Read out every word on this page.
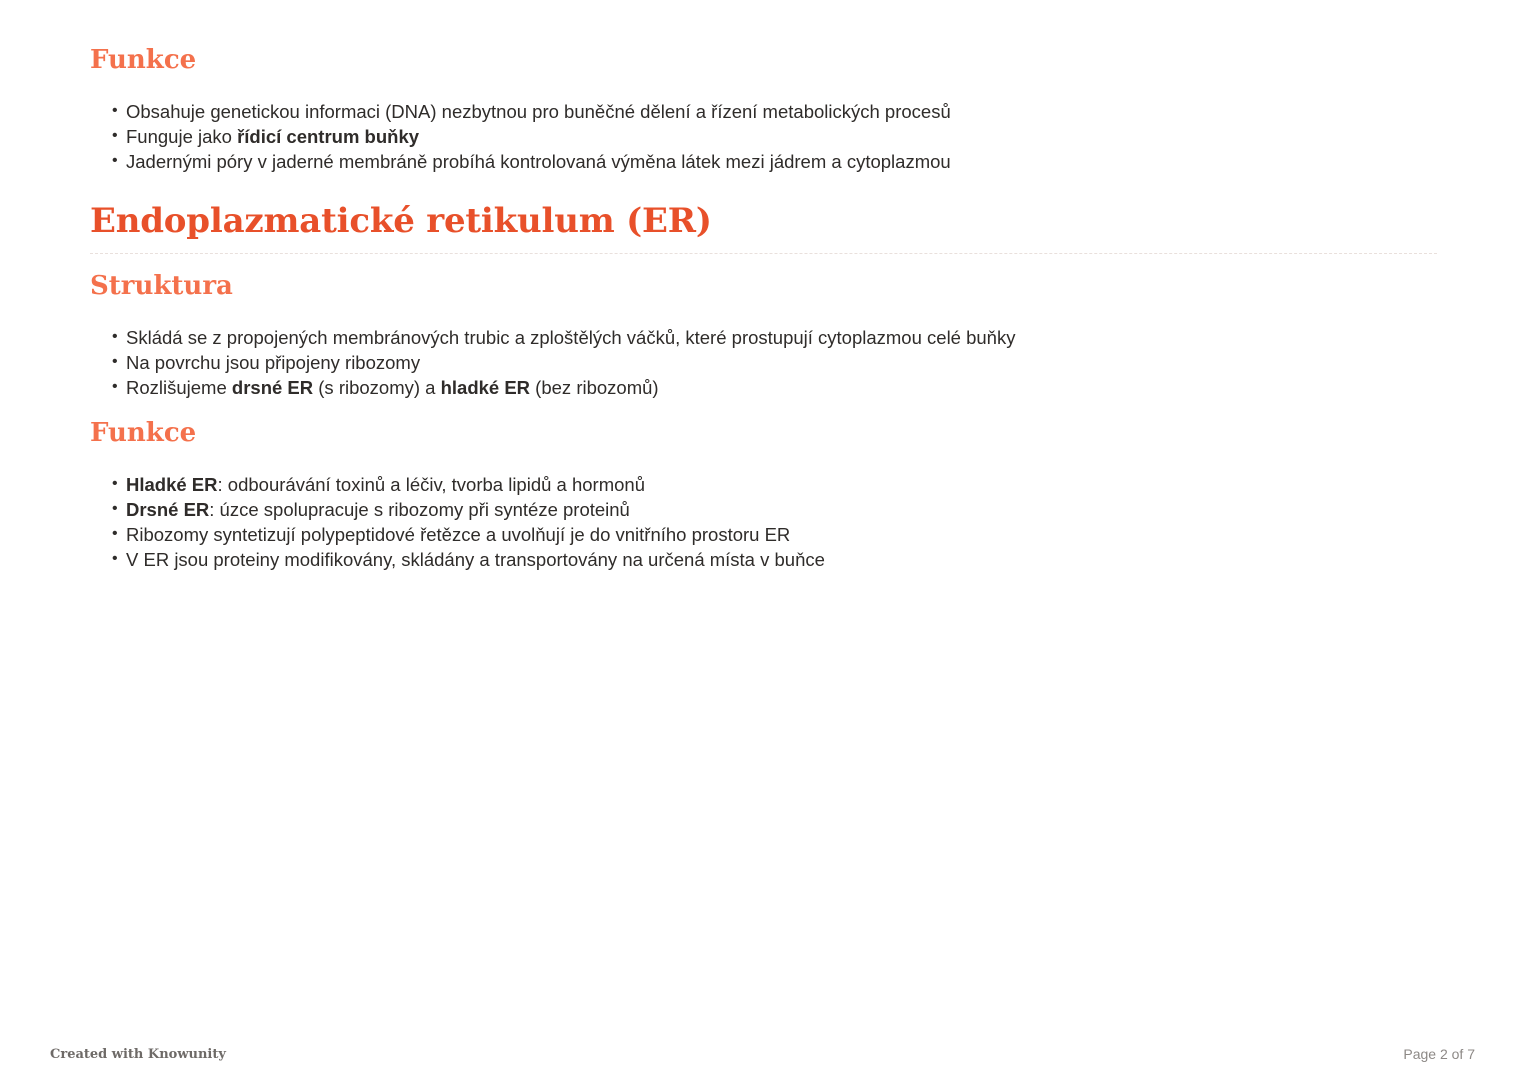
Funkce
• Obsahuje genetickou informaci (DNA) nezbytnou pro buněčné dělení a řízení metabolických procesů
• Funguje jako řídicí centrum buňky
• Jadernými póry v jaderné membráně probíhá kontrolovaná výměna látek mezi jádrem a cytoplazmou
Endoplazmatické retikulum (ER)
Struktura
• Skládá se z propojených membránových trubic a zploštělých váčků, které prostupují cytoplazmou celé buňky
• Na povrchu jsou připojeny ribozomy
• Rozlišujeme drsné ER (s ribozomy) a hladké ER (bez ribozomů)
Funkce
• Hladké ER: odbourávání toxinů a léčiv, tvorba lipidů a hormonů
• Drsné ER: úzce spolupracuje s ribozomy při syntéze proteinů
• Ribozomy syntetizují polypeptidové řetězce a uvolňují je do vnitřního prostoru ER
• V ER jsou proteiny modifikovány, skládány a transportovány na určená místa v buňce
Created with Knowunity	Page 2 of 7
